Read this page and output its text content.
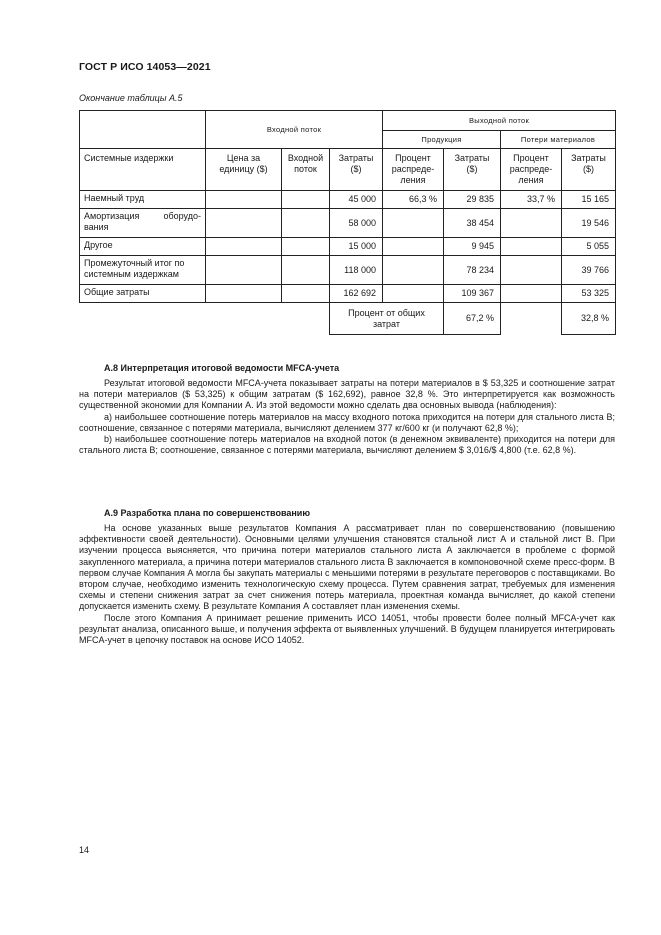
ГОСТ Р ИСО 14053—2021
Окончание таблицы А.5
	Входной поток			Выходной поток			
				Продукция		Потери материалов	
Системные издержки	Цена за единицу ($)	Входной поток	Затраты ($)	Процент распреде-ления	Затраты ($)	Процент распреде-ления	Затраты ($)
Наемный труд			45 000	66,3 %	29 835	33,7 %	15 165
Амортизация оборудо-вания			58 000		38 454		19 546
Другое			15 000		9 945		5 055
Промежуточный итог по системным издержкам			118 000		78 234		39 766
Общие затраты			162 692		109 367		53 325
			Процент от общих затрат		67,2 %		32,8 %
А.8 Интерпретация итоговой ведомости MFCA-учета

Результат итоговой ведомости MFCA-учета показывает затраты на потери материалов в $ 53,325 и соотношение затрат на потери материалов ($ 53,325) к общим затратам ($ 162,692), равное 32,8 %. Это интерпретируется как возможность существенной экономии для Компании А. Из этой ведомости можно сделать два основных вывода (наблюдения):

а) наибольшее соотношение потерь материалов на массу входного потока приходится на потери для стального листа В; соотношение, связанное с потерями материала, вычисляют делением 377 кг/600 кг (и получают 62,8 %);

b) наибольшее соотношение потерь материалов на входной поток (в денежном эквиваленте) приходится на потери для стального листа В; соотношение, связанное с потерями материала, вычисляют делением $ 3,016/$ 4,800 (т.е. 62,8 %).

А.9 Разработка плана по совершенствованию

На основе указанных выше результатов Компания А рассматривает план по совершенствованию (повышению эффективности своей деятельности). Основными целями улучшения становятся стальной лист А и стальной лист В. При изучении процесса выясняется, что причина потери материалов стального листа А заключается в проблеме с формой закупленного материала, а причина потери материалов стального листа В заключается в компоновочной схеме пресс-форм. В первом случае Компания А могла бы закупать материалы с меньшими потерями в результате переговоров с поставщиками. Во втором случае, необходимо изменить технологическую схему процесса. Путем сравнения затрат, требуемых для изменения схемы и степени снижения затрат за счет снижения потерь материала, проектная команда вычисляет, до какой степени допускается изменить схему. В результате Компания А составляет план изменения схемы.

После этого Компания А принимает решение применить ИСО 14051, чтобы провести более полный MFCA-учет как результат анализа, описанного выше, и получения эффекта от выявленных улучшений. В будущем планируется интегрировать MFCA-учет в цепочку поставок на основе ИСО 14052.

14
